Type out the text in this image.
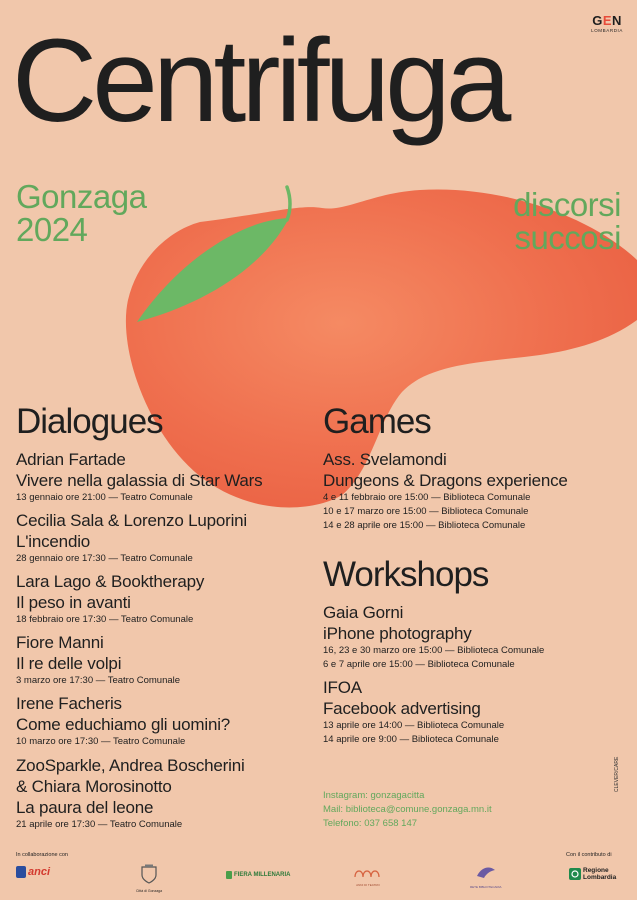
GEN
LOMBARDIA
Centrifuga
Gonzaga
2024
discorsi
succosi
Dialogues
Adrian Fartade
Vivere nella galassia di Star Wars
13 gennaio ore 21:00 — Teatro Comunale
Cecilia Sala & Lorenzo Luporini
L'incendio
28 gennaio ore 17:30 — Teatro Comunale
Lara Lago & Booktherapy
Il peso in avanti
18 febbraio ore 17:30 — Teatro Comunale
Fiore Manni
Il re delle volpi
3 marzo ore 17:30 — Teatro Comunale
Irene Facheris
Come educhiamo gli uomini?
10 marzo ore 17:30 — Teatro Comunale
ZooSparkle, Andrea Boscherini
& Chiara Morosinotto
La paura del leone
21 aprile ore 17:30 — Teatro Comunale
Games
Ass. Svelamondi
Dungeons & Dragons experience
4 e 11 febbraio ore 15:00 — Biblioteca Comunale
10 e 17 marzo ore 15:00 — Biblioteca Comunale
14 e 28 aprile ore 15:00 — Biblioteca Comunale
Workshops
Gaia Gorni
iPhone photography
16, 23 e 30 marzo ore 15:00 — Biblioteca Comunale
6 e 7 aprile ore 15:00 — Biblioteca Comunale
IFOA
Facebook advertising
13 aprile ore 14:00 — Biblioteca Comunale
14 aprile ore 9:00 — Biblioteca Comunale
Instagram: gonzagacitta
Mail: biblioteca@comune.gonzaga.mn.it
Telefono: 037 658 147
CLEVER/CARE
In collaborazione con	Con il contributo di
anci
Città di Gonzaga
FIERA MILLENARIA
ANNI DI TEATRO	RETE BIBLIOTECARIA
Regione
Lombardia
